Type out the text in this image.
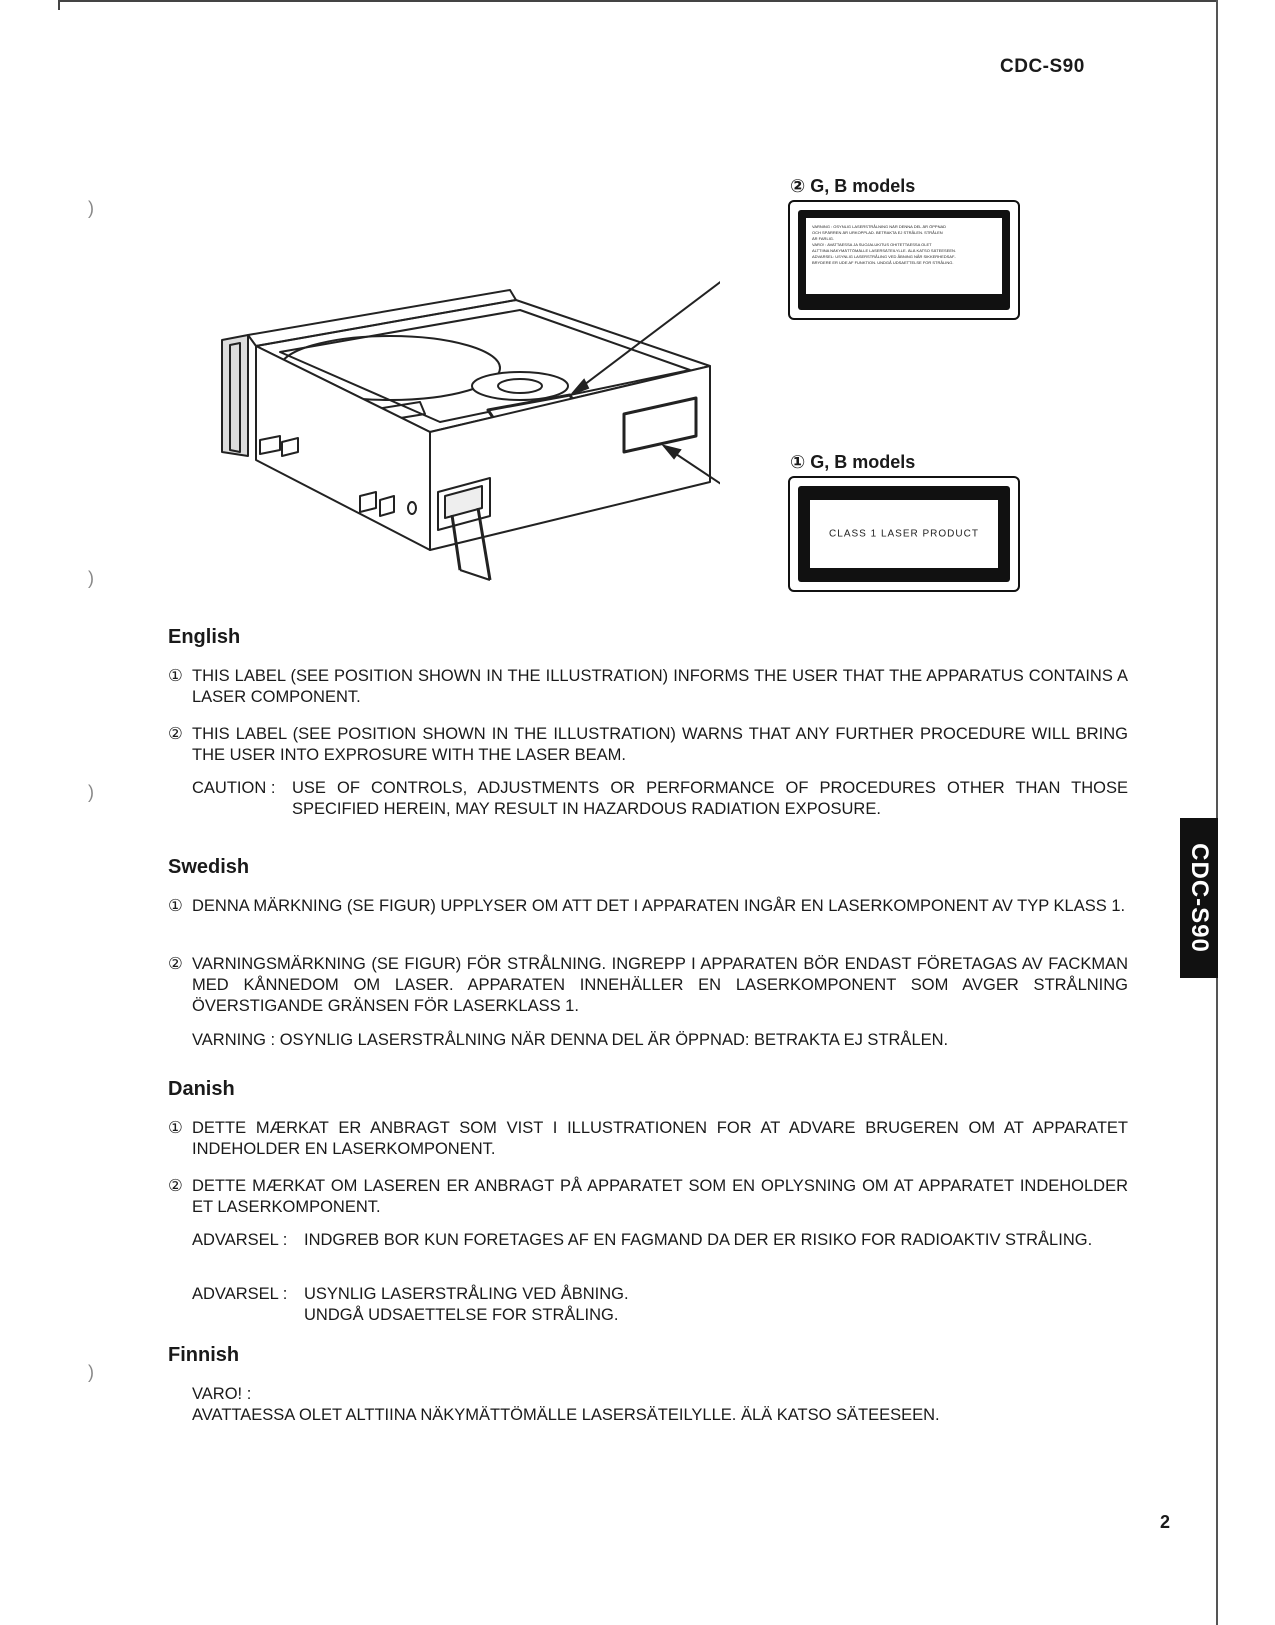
CDC-S90
)
)
)
)
② G, B models
VARNING : OSYNLIG LASERSTRÅLNING NÄR DENNA DEL ÄR ÖPPNAD
OCH SPÄRREN ÄR URKOPPLAD. BETRAKTA EJ STRÅLEN. STRÅLEN
ÄR FARLIG.
VARO! : AVATTAESSA JA SUOJALUKITUS OHITETTAESSA OLET
ALTTIINA NÄKYMÄTTÖMÄLLE LASERSÄTEILYLLE. ÄLÄ KATSO SÄTEESEEN.
ADVARSEL: USYNLIG LASERSTRÅLING VED ÅBNING NÅR SIKKERHEDSAF-
BRYDERE ER UDE AF FUNKTION. UNDGÅ UDSAETTELSE FOR STRÅLING.
① G, B models
CLASS 1 LASER PRODUCT
English
① THIS LABEL (SEE POSITION SHOWN IN THE ILLUSTRATION) INFORMS THE USER THAT THE APPARATUS CONTAINS A LASER COMPONENT.
② THIS LABEL (SEE POSITION SHOWN IN THE ILLUSTRATION) WARNS THAT ANY FURTHER PROCEDURE WILL BRING THE USER INTO EXPROSURE WITH THE LASER BEAM.
CAUTION : USE OF CONTROLS, ADJUSTMENTS OR PERFORMANCE OF PROCEDURES OTHER THAN THOSE SPECIFIED HEREIN, MAY RESULT IN HAZARDOUS RADIATION EXPOSURE.
Swedish
① DENNA MÄRKNING (SE FIGUR) UPPLYSER OM ATT DET I APPARATEN INGÅR EN LASERKOMPONENT AV TYP KLASS 1.
② VARNINGSMÄRKNING (SE FIGUR) FÖR STRÅLNING. INGREPP I APPARATEN BÖR ENDAST FÖRETAGAS AV FACKMAN MED KÅNNEDOM OM LASER. APPARATEN INNEHÄLLER EN LASERKOMPONENT SOM AVGER STRÅLNING ÖVERSTIGANDE GRÄNSEN FÖR LASERKLASS 1.
VARNING : OSYNLIG LASERSTRÅLNING NÄR DENNA DEL ÄR ÖPPNAD: BETRAKTA EJ STRÅLEN.
Danish
① DETTE MÆRKAT ER ANBRAGT SOM VIST I ILLUSTRATIONEN FOR AT ADVARE BRUGEREN OM AT APPARATET INDEHOLDER EN LASERKOMPONENT.
② DETTE MÆRKAT OM LASEREN ER ANBRAGT PÅ APPARATET SOM EN OPLYSNING OM AT APPARATET INDEHOLDER ET LASERKOMPONENT.
ADVARSEL : INDGREB BOR KUN FORETAGES AF EN FAGMAND DA DER ER RISIKO FOR RADIOAKTIV STRÅLING.
ADVARSEL : USYNLIG LASERSTRÅLING VED ÅBNING.
UNDGÅ UDSAETTELSE FOR STRÅLING.
Finnish
VARO! :
AVATTAESSA OLET ALTTIINA NÄKYMÄTTÖMÄLLE LASERSÄTEILYLLE. ÄLÄ KATSO SÄTEESEEN.
CDC-S90
2
